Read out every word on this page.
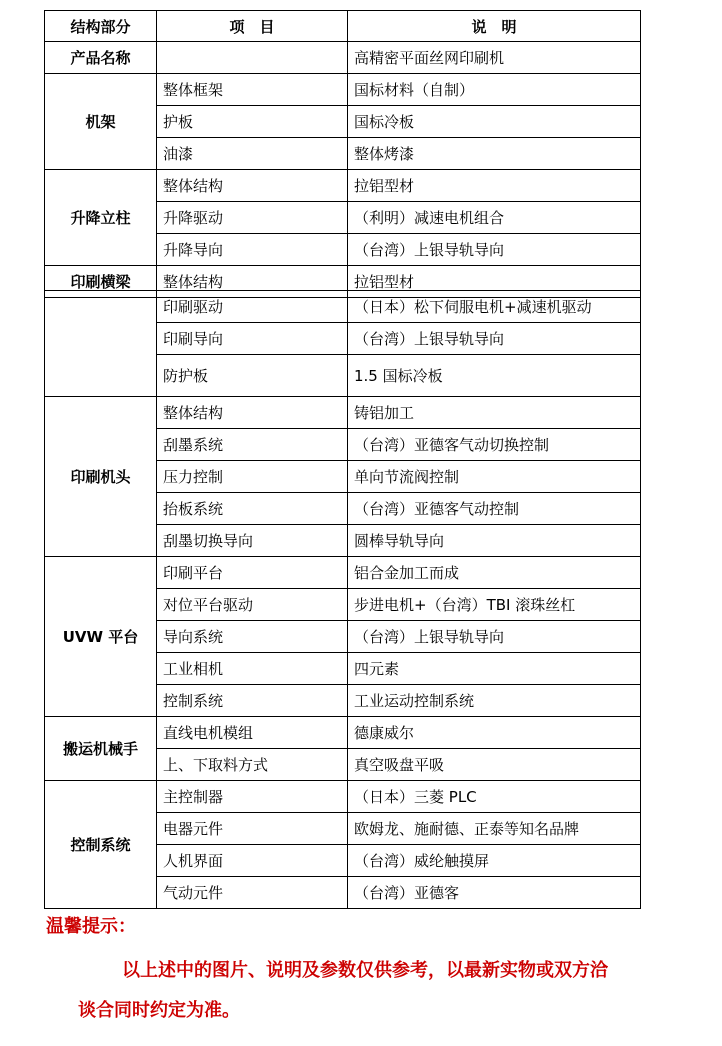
结构部分	项　目	说　明
产品名称		高精密平面丝网印刷机
机架	整体框架	国标材料（自制）
	护板	国标冷板
	油漆	整体烤漆
升降立柱	整体结构	拉铝型材
	升降驱动	（利明）减速电机组合
	升降导向	（台湾）上银导轨导向
印刷横梁	整体结构	拉铝型材
	印刷驱动	（日本）松下伺服电机+减速机驱动
	印刷导向	（台湾）上银导轨导向
	防护板	1.5 国标冷板
印刷机头	整体结构	铸铝加工
	刮墨系统	（台湾）亚德客气动切换控制
	压力控制	单向节流阀控制
	抬板系统	（台湾）亚德客气动控制
	刮墨切换导向	圆棒导轨导向
UVW 平台	印刷平台	铝合金加工而成
	对位平台驱动	步进电机+（台湾）TBI 滚珠丝杠
	导向系统	（台湾）上银导轨导向
	工业相机	四元素
	控制系统	工业运动控制系统
搬运机械手	直线电机模组	德康威尔
	上、下取料方式	真空吸盘平吸
控制系统	主控制器	（日本）三菱 PLC
	电器元件	欧姆龙、施耐德、正泰等知名品牌
	人机界面	（台湾）威纶触摸屏
	气动元件	（台湾）亚德客
温馨提示：
以上述中的图片、说明及参数仅供参考，以最新实物或双方洽
谈合同时约定为准。
